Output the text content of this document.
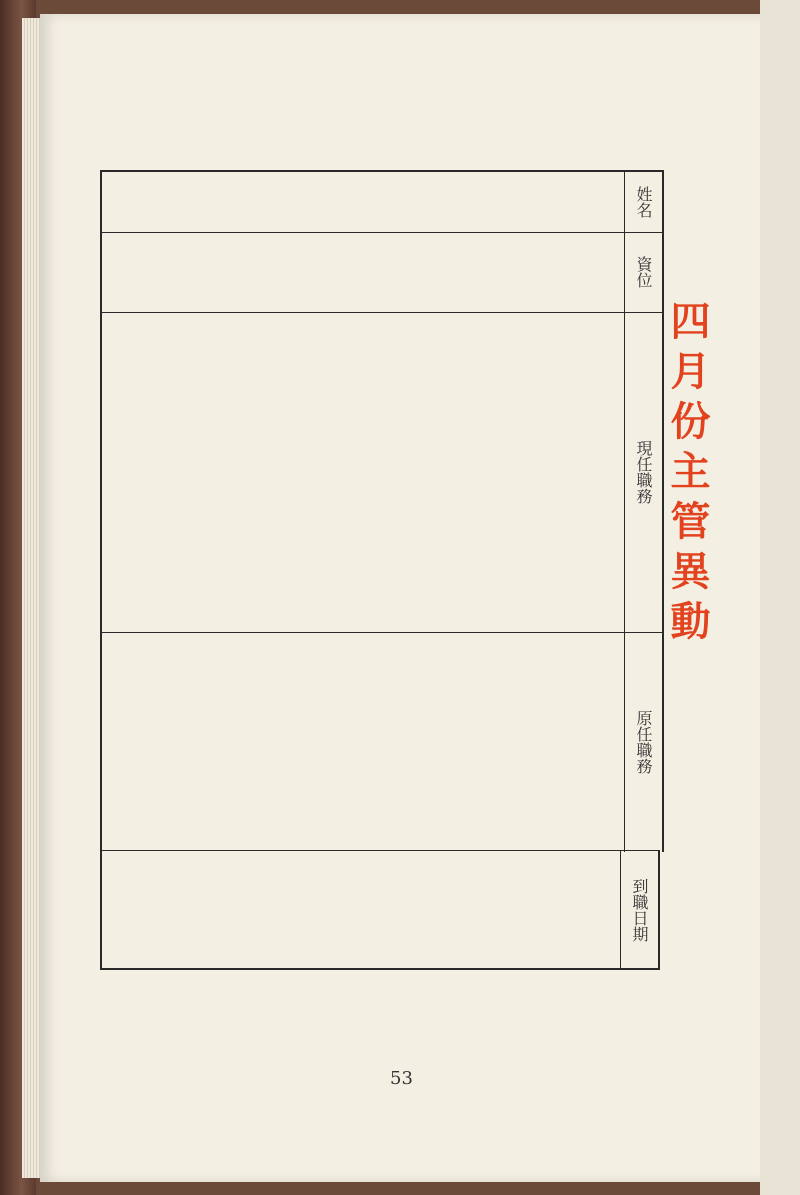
姓名
資位
現任職務
原任職務
到職日期
四月份主管異動
53
